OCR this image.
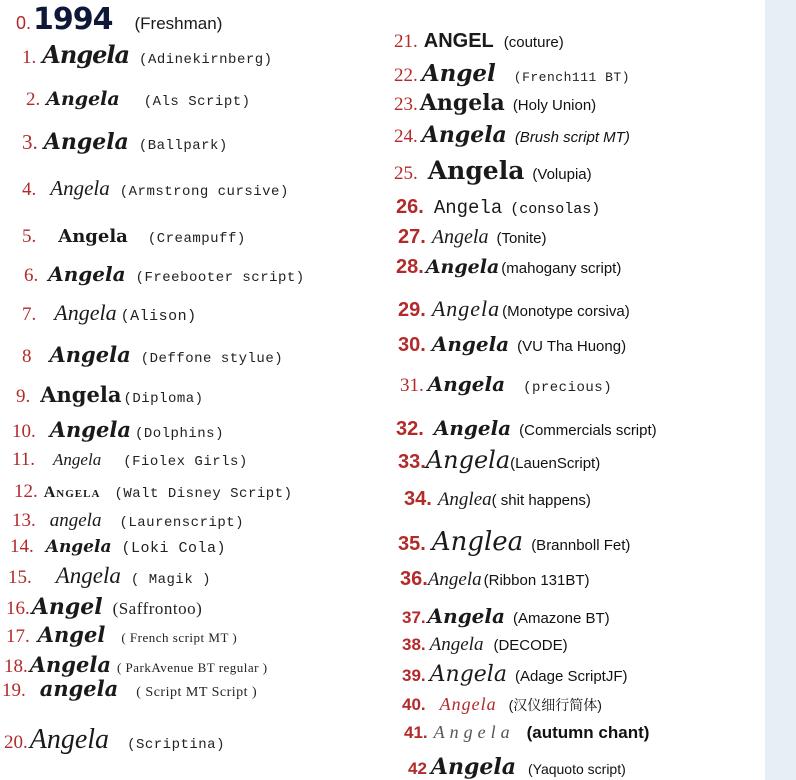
0. 1994 (Freshman)
1. Angela (Adinekirnberg)
2. Angela (Als Script)
3. Angela (Ballpark)
4. Angela (Armstrong cursive)
5. Angela (Creampuff)
6. Angela (Freebooter script)
7. Angela (Alison)
8 Angela (Deffone stylue)
9. Angela (Diploma)
10. Angela (Dolphins)
11. Angela (Fiolex Girls)
12. Angela (Walt Disney Script)
13. angela (Laurenscript)
14. Angela (Loki Cola)
15. Angela ( Magik )
16. Angel (Saffrontoo)
17. Angel ( French script MT )
18. Angela ( ParkAvenue BT regular )
19. angela ( Script MT Script )
20. Angela (Scriptina)
21. ANGEL (couture)
22. Angel (French111 BT)
23. Angela (Holy Union)
24. Angela (Brush script MT)
25. Angela (Volupia)
26. Angela (consolas)
27. Angela (Tonite)
28. Angela (mahogany script)
29. Angela (Monotype corsiva)
30. Angela (VU Tha Huong)
31. Angela (precious)
32. Angela (Commercials script)
33. Angela (LauenScript)
34. Anglea ( shit happens)
35. Anglea (Brannboll Fet)
36. Angela (Ribbon 131BT)
37. Angela (Amazone BT)
38. Angela (DECODE)
39. Angela (Adage ScriptJF)
40. Angela (汉仪细行简体)
41. Angela (autumn chant)
42 Angela (Yaquoto script)
